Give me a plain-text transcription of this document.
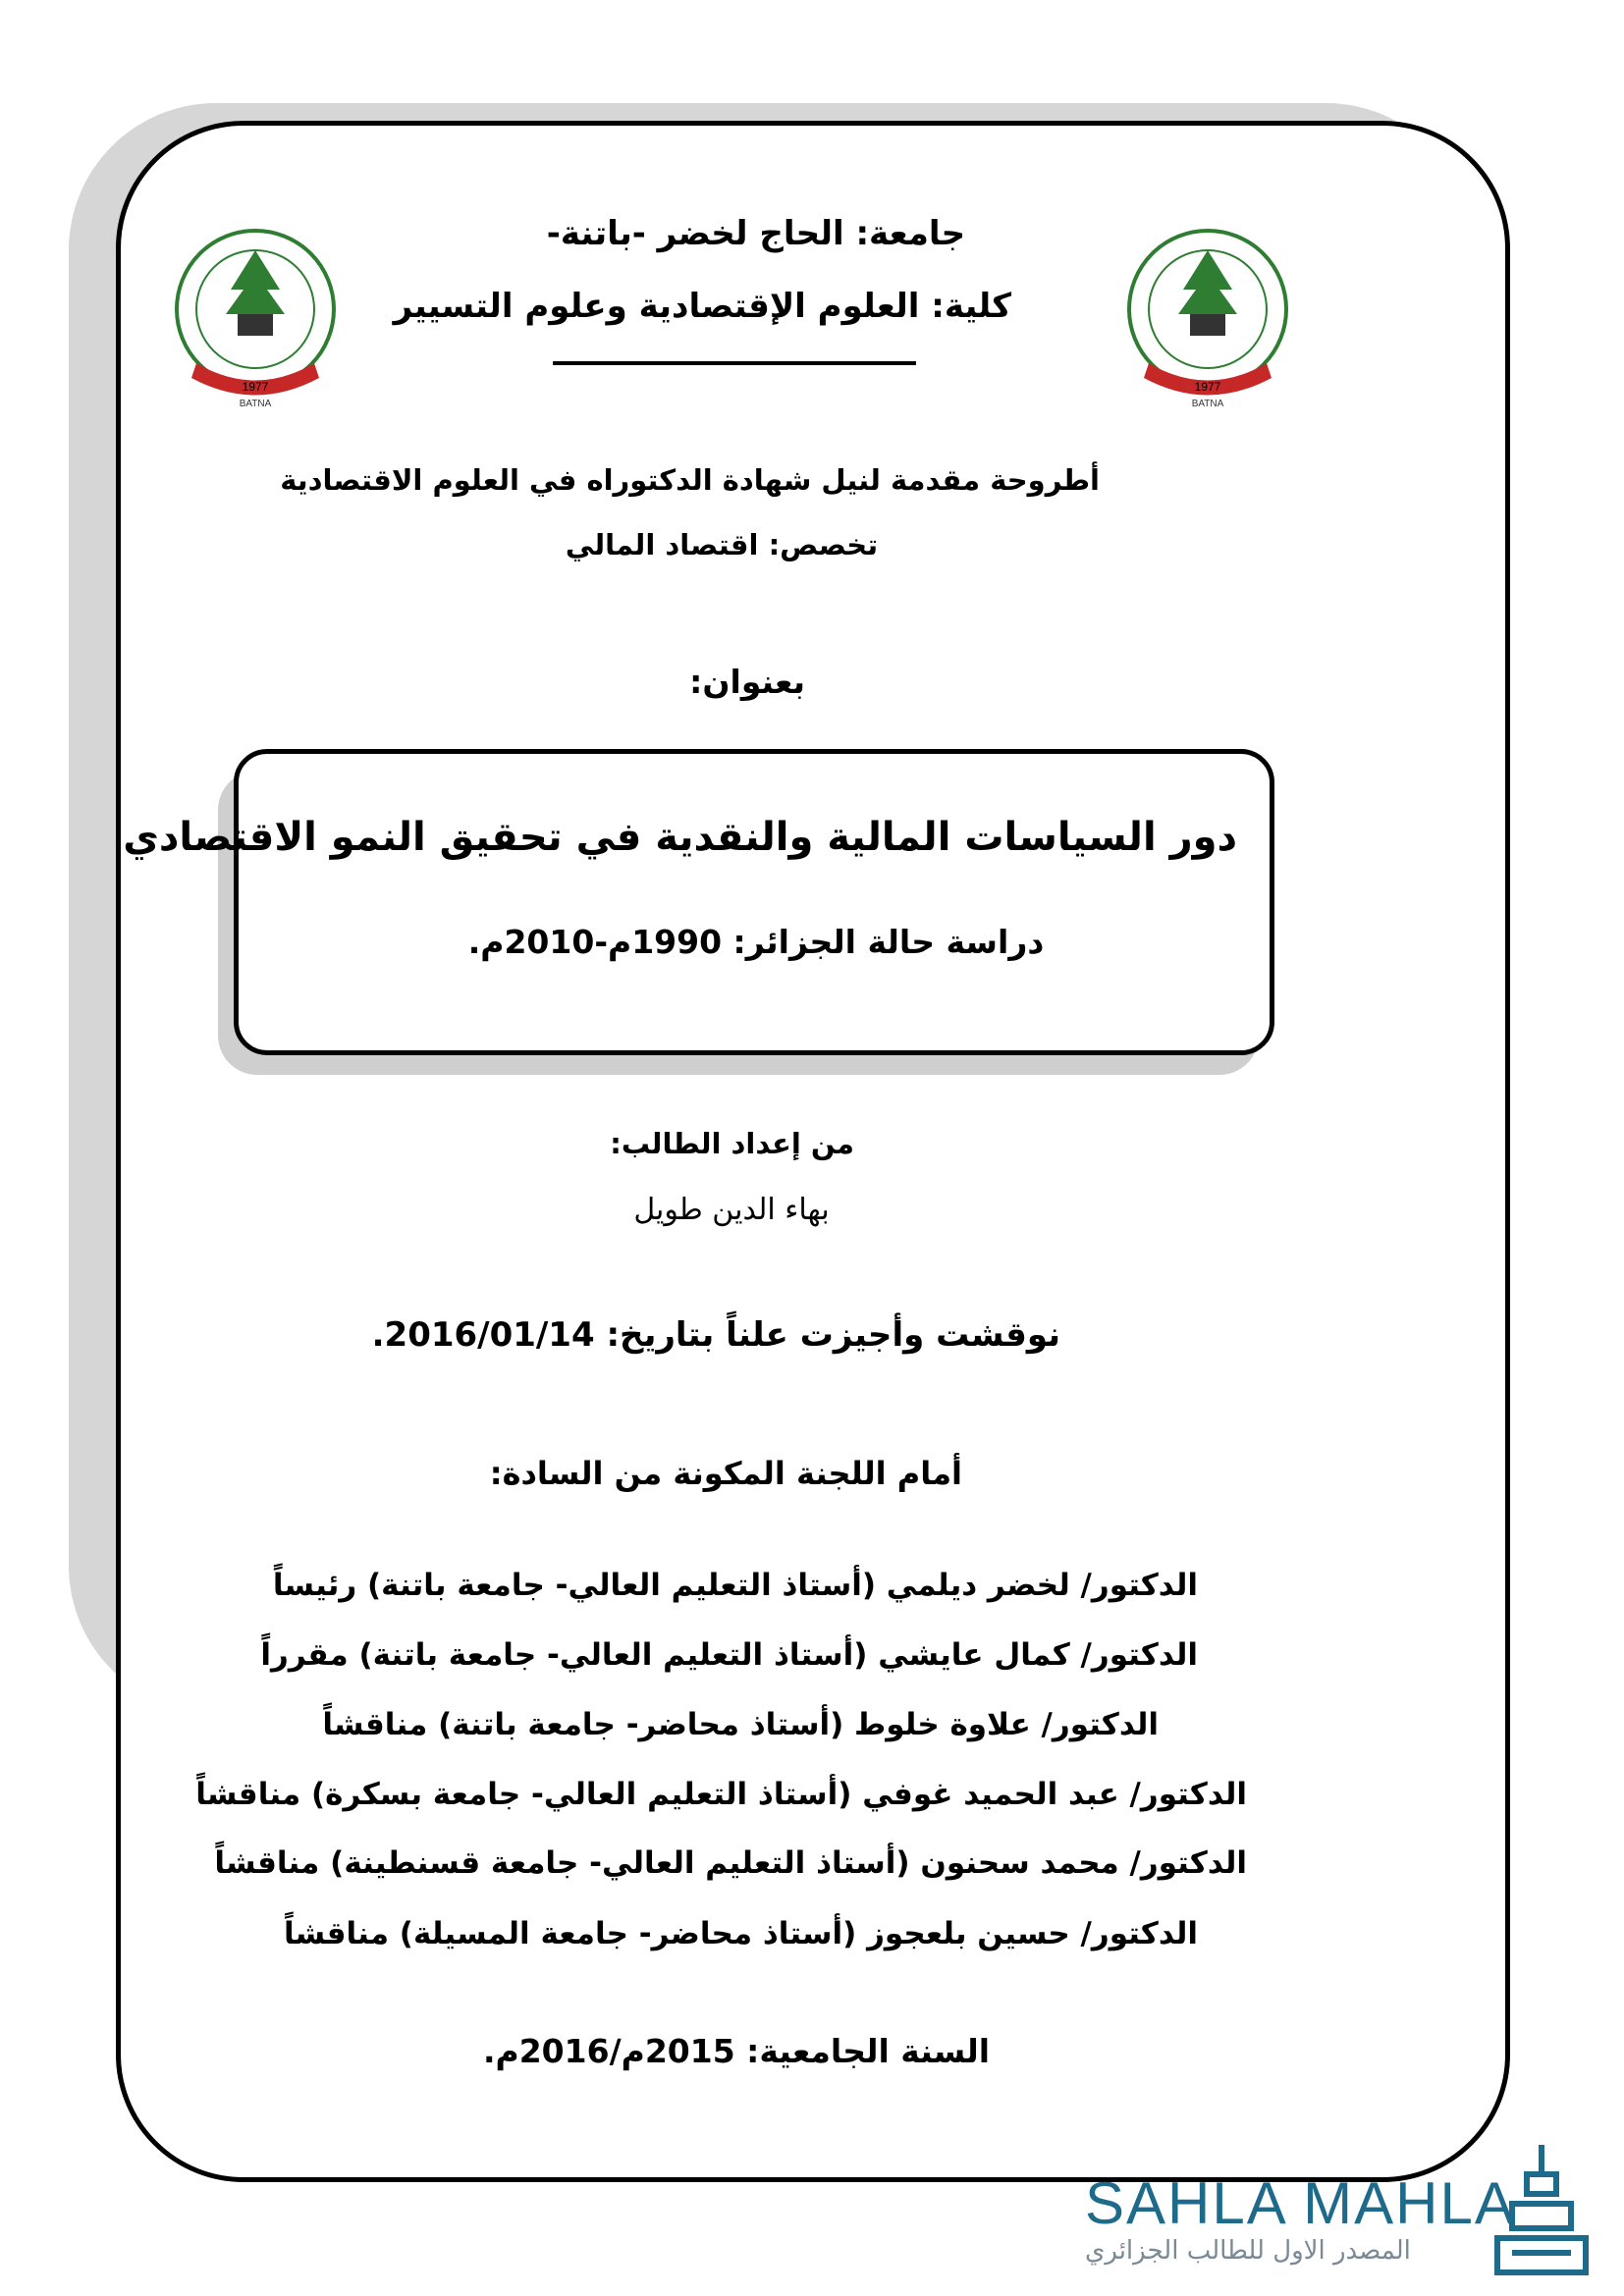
1977
BATNA
1977
BATNA
جامعة: الحاج لخضر -باتنة-
كلية: العلوم الإقتصادية وعلوم التسيير
أطروحة مقدمة لنيل شهادة الدكتوراه في العلوم الاقتصادية
تخصص: اقتصاد المالي
بعنوان:
دور السياسات المالية والنقدية في تحقيق النمو الاقتصادي
دراسة حالة الجزائر: 1990م-2010م.
من إعداد الطالب:
بهاء الدين طويل
نوقشت وأجيزت علناً بتاريخ: 2016/01/14.
أمام اللجنة المكونة من السادة:
الدكتور/ لخضر ديلمي (أستاذ التعليم العالي- جامعة باتنة) رئيساً
الدكتور/ كمال عايشي (أستاذ التعليم العالي- جامعة باتنة) مقرراً
الدكتور/ علاوة خلوط (أستاذ محاضر- جامعة باتنة) مناقشاً
الدكتور/ عبد الحميد غوفي (أستاذ التعليم العالي- جامعة بسكرة) مناقشاً
الدكتور/ محمد سحنون (أستاذ التعليم العالي- جامعة قسنطينة) مناقشاً
الدكتور/ حسين بلعجوز (أستاذ محاضر- جامعة المسيلة) مناقشاً
السنة الجامعية: 2015م/2016م.
SAHLA MAHLA
المصدر الاول للطالب الجزائري
